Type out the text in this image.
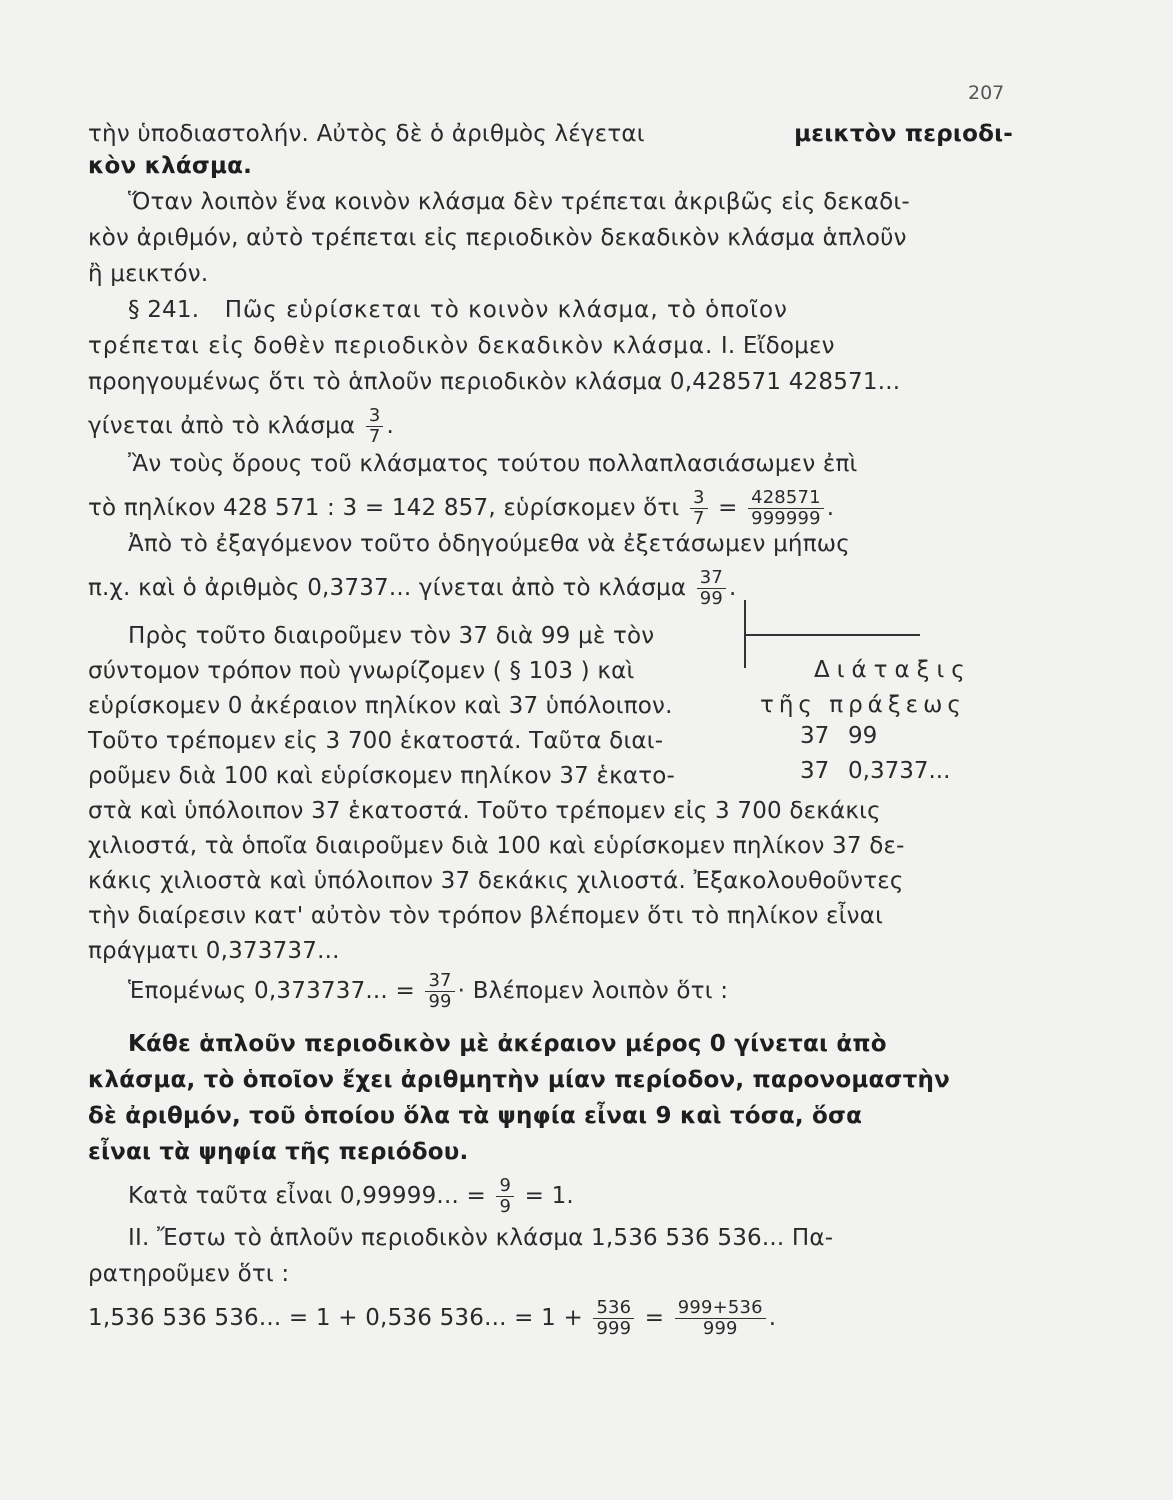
207
τὴν ὑποδιαστολήν. Αὐτὸς δὲ ὁ ἀριθμὸς λέγεται	μεικτὸν περιοδι-
κὸν κλάσμα.
Ὅταν λοιπὸν ἕνα κοινὸν κλάσμα δὲν τρέπεται ἀκριβῶς εἰς δεκαδι-
κὸν ἀριθμόν, αὐτὸ τρέπεται εἰς περιοδικὸν δεκαδικὸν κλάσμα ἁπλοῦν
ἢ μεικτόν.
§ 241. Πῶς εὑρίσκεται τὸ κοινὸν κλάσμα, τὸ ὁποῖον
τρέπεται εἰς δοθὲν περιοδικὸν δεκαδικὸν κλάσμα. Ι. Εἴδομεν
προηγουμένως ὅτι τὸ ἁπλοῦν περιοδικὸν κλάσμα 0,428571 428571...
γίνεται ἀπὸ τὸ κλάσμα $\frac{3}{7}$ .
Ἂν τοὺς ὅρους τοῦ κλάσματος τούτου πολλαπλασιάσωμεν ἐπὶ
τὸ πηλίκον 428 571 : 3 = 142 857, εὑρίσκομεν ὅτι $\frac{3}{7} = \frac{428571}{999999}$ .
Ἀπὸ τὸ ἐξαγόμενον τοῦτο ὁδηγούμεθα νὰ ἐξετάσωμεν μήπως
π.χ. καὶ ὁ ἀριθμὸς 0,3737... γίνεται ἀπὸ τὸ κλάσμα $\frac{37}{99}$ .
Πρὸς τοῦτο διαιροῦμεν τὸν 37 διὰ 99 μὲ τὸν
σύντομον τρόπον ποὺ γνωρίζομεν ( § 103 ) καὶ
εὑρίσκομεν 0 ἀκέραιον πηλίκον καὶ 37 ὑπόλοιπον.
Τοῦτο τρέπομεν εἰς 3 700 ἑκατοστά. Ταῦτα διαι-
ροῦμεν διὰ 100 καὶ εὑρίσκομεν πηλίκον 37 ἑκατο-
στὰ καὶ ὑπόλοιπον 37 ἑκατοστά. Τοῦτο τρέπομεν εἰς 3 700 δεκάκις
χιλιοστά, τὰ ὁποῖα διαιροῦμεν διὰ 100 καὶ εὑρίσκομεν πηλίκον 37 δε-
κάκις χιλιοστὰ καὶ ὑπόλοιπον 37 δεκάκις χιλιοστά. Ἐξακολουθοῦντες
τὴν διαίρεσιν κατ' αὐτὸν τὸν τρόπον βλέπομεν ὅτι τὸ πηλίκον εἶναι
πράγματι 0,373737...
Ἑπομένως 0,373737... = $\frac{37}{99} \cdot B\lambda έ\pi o\mu\varepsilon\nu$ λοιπὸν ὅτι :
Κάθε ἁπλοῦν περιοδικὸν μὲ ἀκέραιον μέρος 0 γίνεται ἀπὸ
κλάσμα, τὸ ὁποῖον ἔχει ἀριθμητὴν μίαν περίοδον, παρονομαστὴν
δὲ ἀριθμόν, τοῦ ὁποίου ὅλα τὰ ψηφία εἶναι 9 καὶ τόσα, ὅσα
εἶναι τὰ ψηφία τῆς περιόδου.
Κατὰ ταῦτα εἶναι 0,99999... = $\frac{9}{9} = 1$.
ΙΙ. Ἔστω τὸ ἁπλοῦν περιοδικὸν κλάσμα 1,536 536 536... Πα-
ρατηροῦμεν ὅτι :
1,536 536 536... = 1 + 0,536 536... = $1 + \frac{536}{999} = \frac{999+536}{999}$ .
Διάταξις
τῆς πράξεως
37 99
37 0,3737...
